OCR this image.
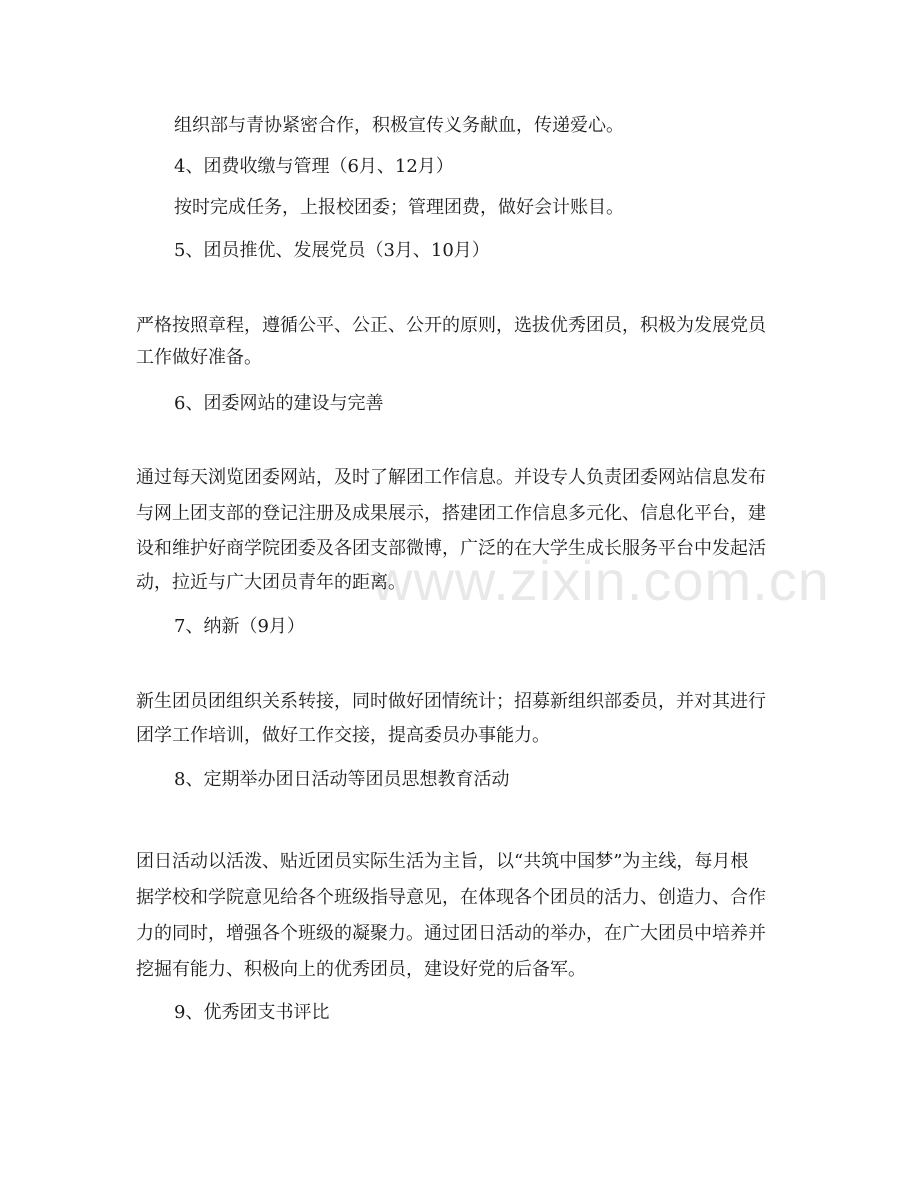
组织部与青协紧密合作，积极宣传义务献血，传递爱心。
4、团费收缴与管理（6月、12月）
按时完成任务，上报校团委；管理团费，做好会计账目。
5、团员推优、发展党员（3月、10月）
严格按照章程，遵循公平、公正、公开的原则，选拔优秀团员，积极为发展党员
工作做好准备。
6、团委网站的建设与完善
通过每天浏览团委网站，及时了解团工作信息。并设专人负责团委网站信息发布
与网上团支部的登记注册及成果展示，搭建团工作信息多元化、信息化平台，建
设和维护好商学院团委及各团支部微博，广泛的在大学生成长服务平台中发起活
动，拉近与广大团员青年的距离。
7、纳新（9月）
新生团员团组织关系转接，同时做好团情统计；招募新组织部委员，并对其进行
团学工作培训，做好工作交接，提高委员办事能力。
8、定期举办团日活动等团员思想教育活动
团日活动以活泼、贴近团员实际生活为主旨，以“共筑中国梦”为主线，每月根
据学校和学院意见给各个班级指导意见，在体现各个团员的活力、创造力、合作
力的同时，增强各个班级的凝聚力。通过团日活动的举办，在广大团员中培养并
挖掘有能力、积极向上的优秀团员，建设好党的后备军。
9、优秀团支书评比
www.zixin.com.cn
